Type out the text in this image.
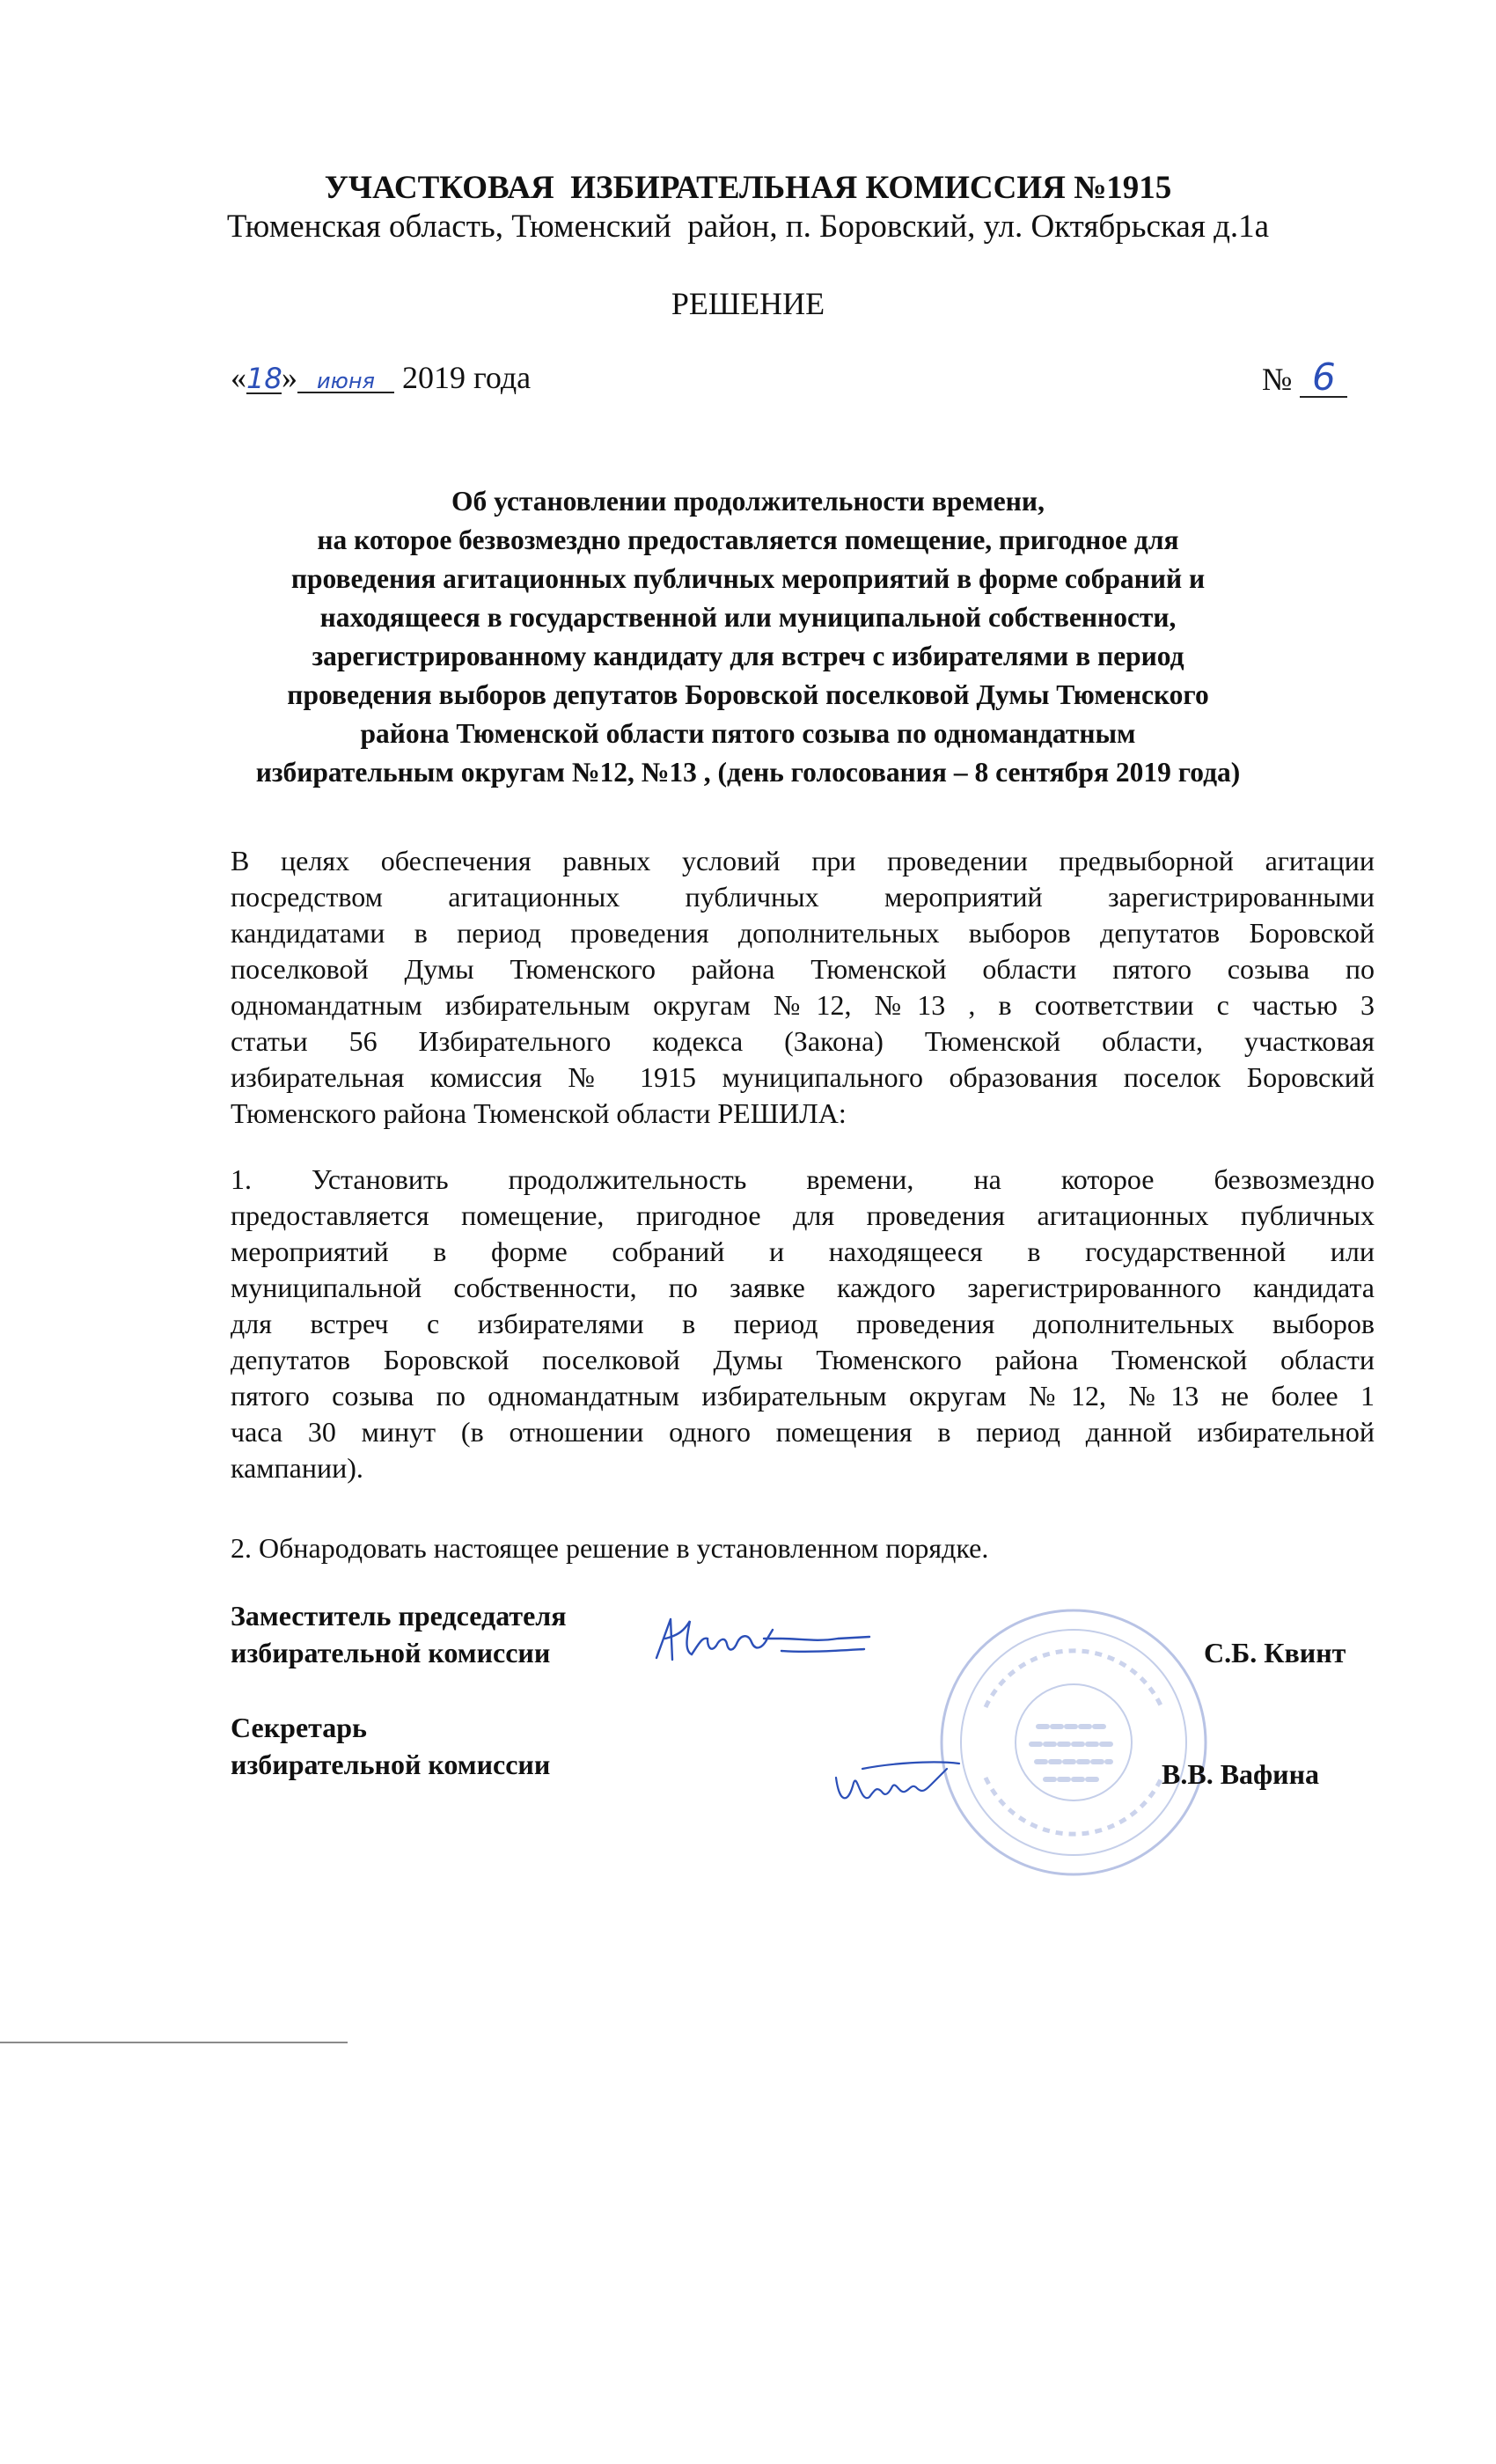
УЧАСТКОВАЯ  ИЗБИРАТЕЛЬНАЯ КОМИССИЯ №1915
Тюменская область, Тюменский  район, п. Боровский, ул. Октябрьская д.1а
РЕШЕНИЕ
«18» июня 2019 года	№ 6
Об установлении продолжительности времени,
на которое безвозмездно предоставляется помещение, пригодное для
проведения агитационных публичных мероприятий в форме собраний и
находящееся в государственной или муниципальной собственности,
зарегистрированному кандидату для встреч с избирателями в период
проведения выборов депутатов Боровской поселковой Думы Тюменского
района Тюменской области пятого созыва по одномандатным
избирательным округам №12, №13 , (день голосования – 8 сентября 2019 года)
В целях обеспечения равных условий при проведении предвыборной агитации
посредством агитационных публичных мероприятий зарегистрированными
кандидатами в период проведения дополнительных выборов депутатов Боровской
поселковой Думы Тюменского района Тюменской области пятого созыва по
одномандатным избирательным округам №12, №13 , в соответствии с частью 3
статьи 56 Избирательного кодекса (Закона) Тюменской области, участковая
избирательная комиссия № 1915 муниципального образования поселок Боровский
Тюменского района Тюменской области РЕШИЛА:
1. Установить продолжительность времени, на которое безвозмездно
предоставляется помещение, пригодное для проведения агитационных публичных
мероприятий в форме собраний и находящееся в государственной или
муниципальной собственности, по заявке каждого зарегистрированного кандидата
для встреч с избирателями в период проведения дополнительных выборов
депутатов Боровской поселковой Думы Тюменского района Тюменской области
пятого созыва по одномандатным избирательным округам №12, №13 не более 1
часа 30 минут (в отношении одного помещения в период данной избирательной
кампании).
2. Обнародовать настоящее решение в установленном порядке.
Заместитель председателя
избирательной комиссии	С.Б. Квинт
Секретарь
избирательной комиссии	В.В. Вафина
